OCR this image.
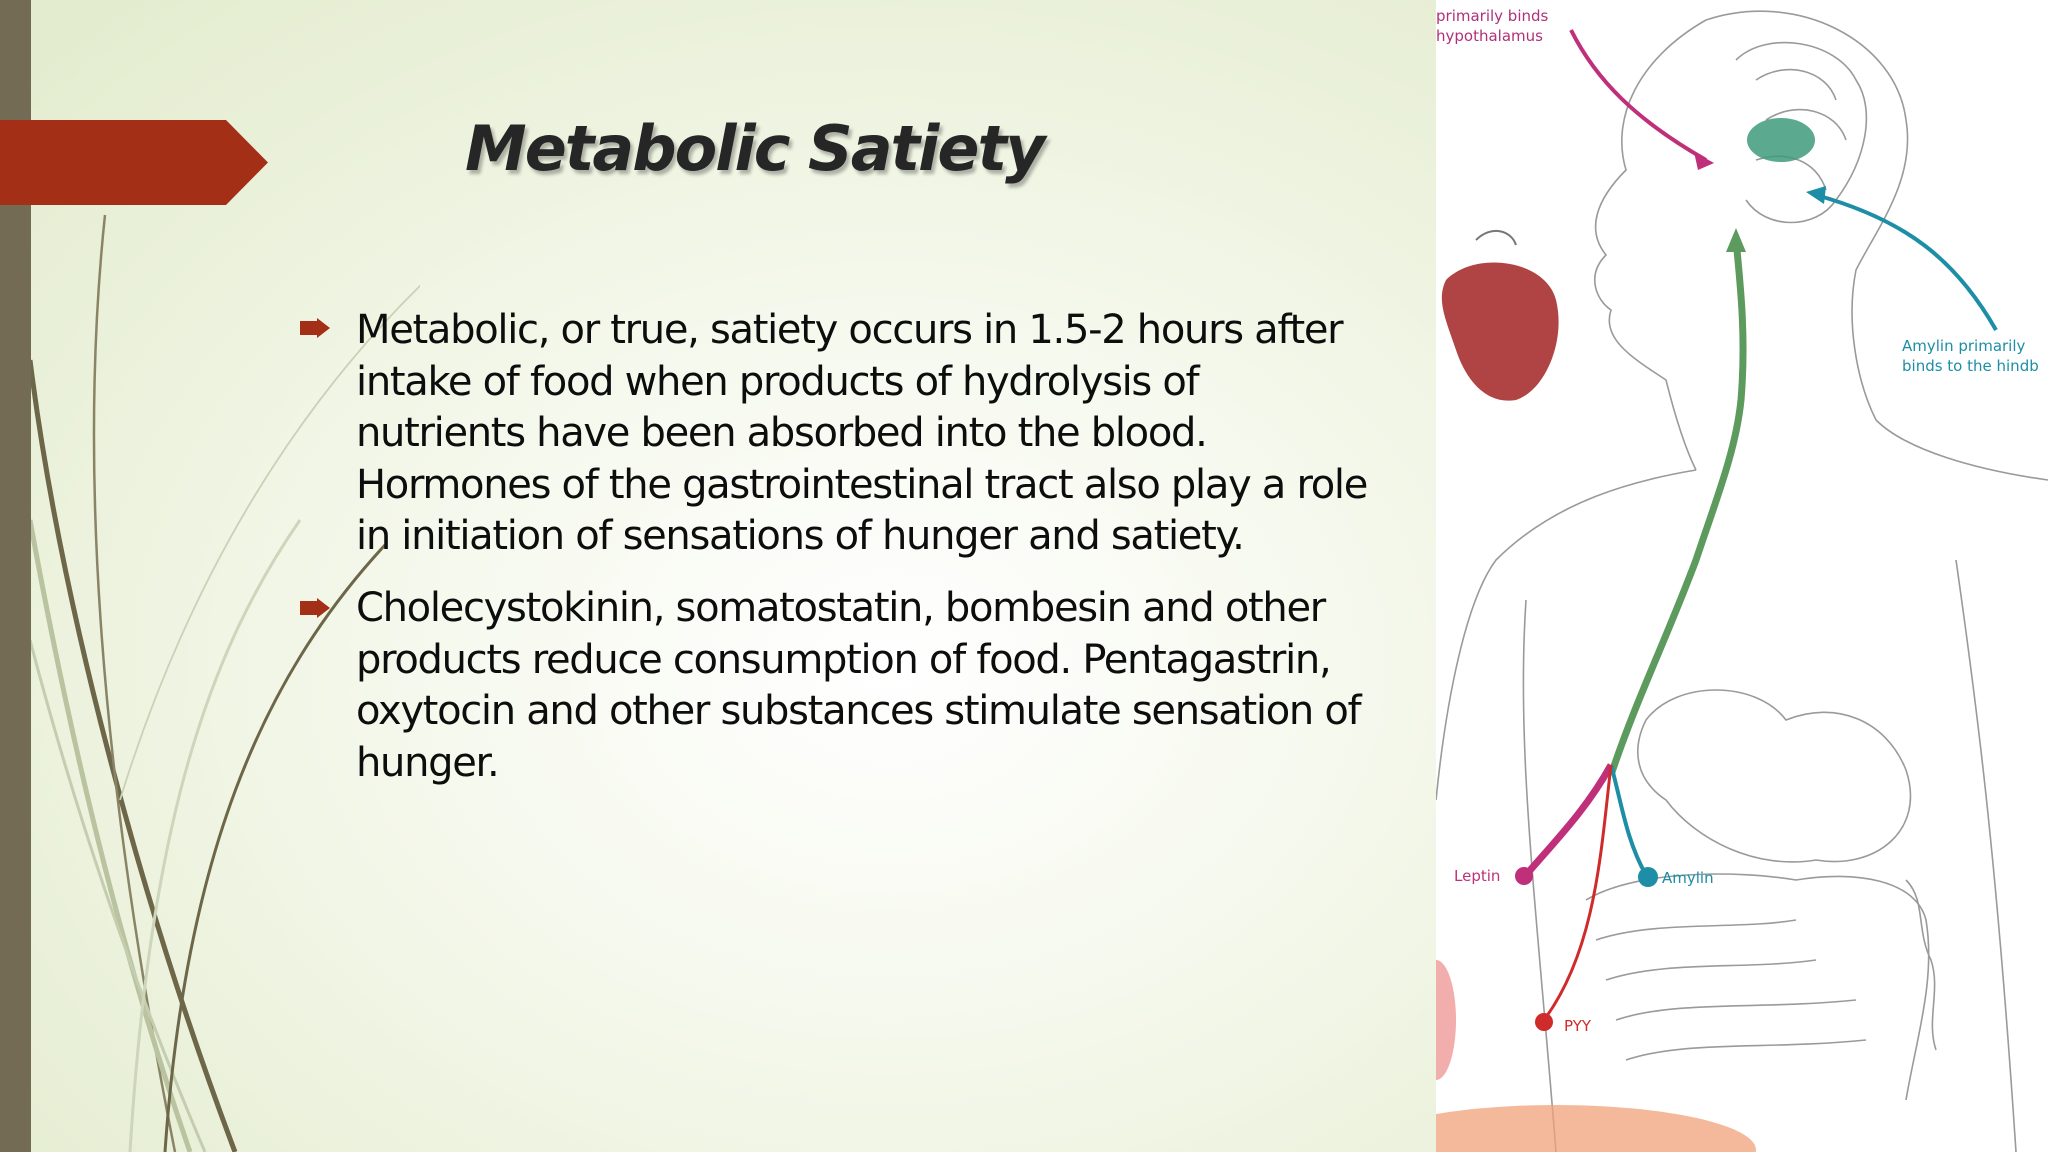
Metabolic Satiety
Metabolic, or true, satiety occurs in 1.5-2 hours after
intake of food when products of hydrolysis of
nutrients have been absorbed into the blood.
Hormones of the gastrointestinal tract also play a role
in initiation of sensations of hunger and satiety.
Cholecystokinin, somatostatin, bombesin and other
products reduce consumption of food. Pentagastrin,
oxytocin and other substances stimulate sensation of
hunger.
primarily binds
hypothalamus
Amylin primarily
binds to the hindb
Leptin	Amylin
PYY
